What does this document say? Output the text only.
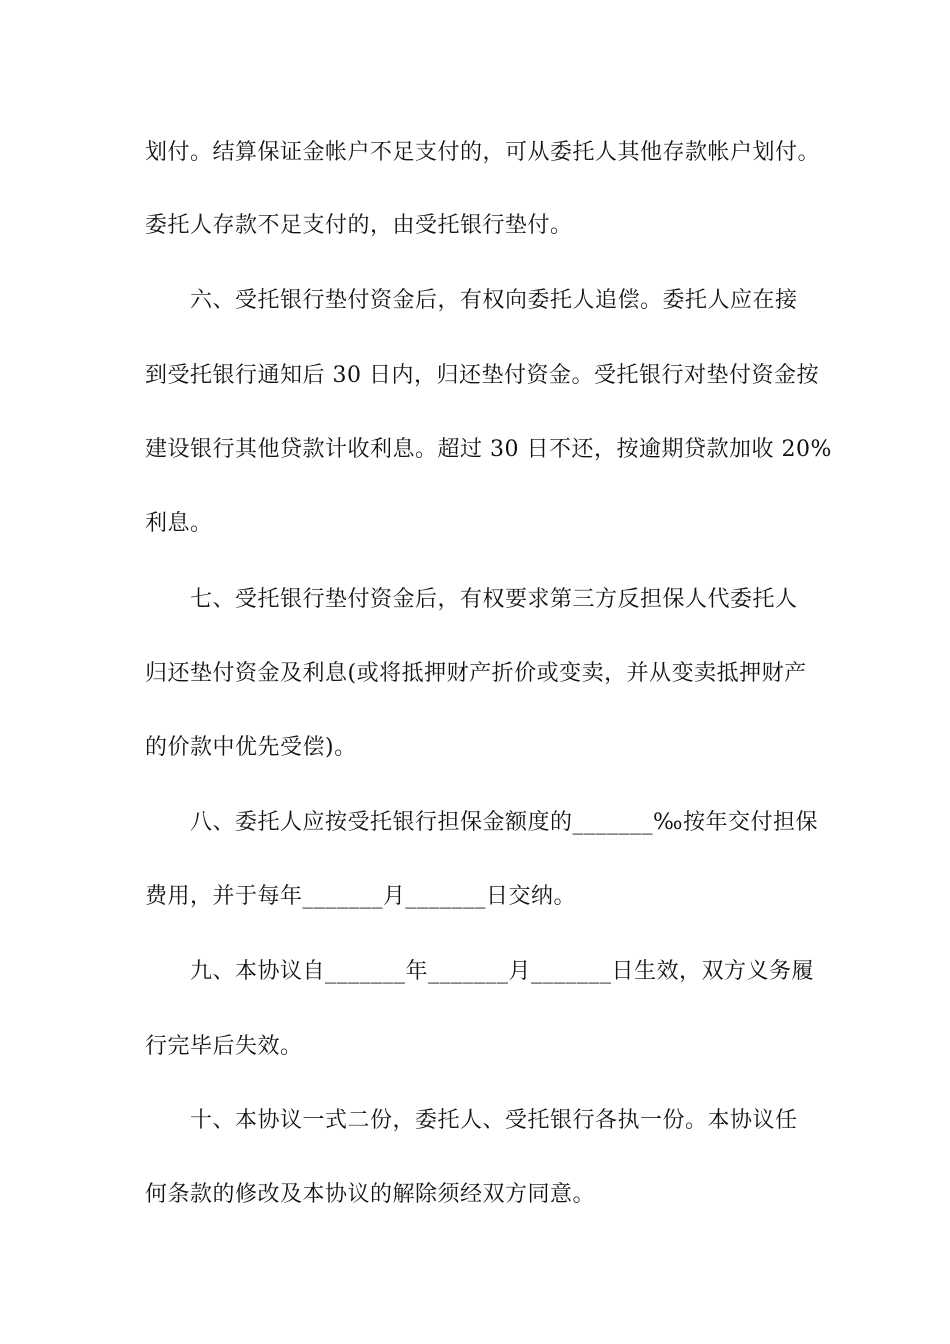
划付。结算保证金帐户不足支付的，可从委托人其他存款帐户划付。
委托人存款不足支付的，由受托银行垫付。
六、受托银行垫付资金后，有权向委托人追偿。委托人应在接
到受托银行通知后 30 日内，归还垫付资金。受托银行对垫付资金按
建设银行其他贷款计收利息。超过 30 日不还，按逾期贷款加收 20%
利息。
七、受托银行垫付资金后，有权要求第三方反担保人代委托人
归还垫付资金及利息(或将抵押财产折价或变卖，并从变卖抵押财产
的价款中优先受偿)。
八、委托人应按受托银行担保金额度的_______‰按年交付担保
费用，并于每年_______月_______日交纳。
九、本协议自_______年_______月_______日生效，双方义务履
行完毕后失效。
十、本协议一式二份，委托人、受托银行各执一份。本协议任
何条款的修改及本协议的解除须经双方同意。
